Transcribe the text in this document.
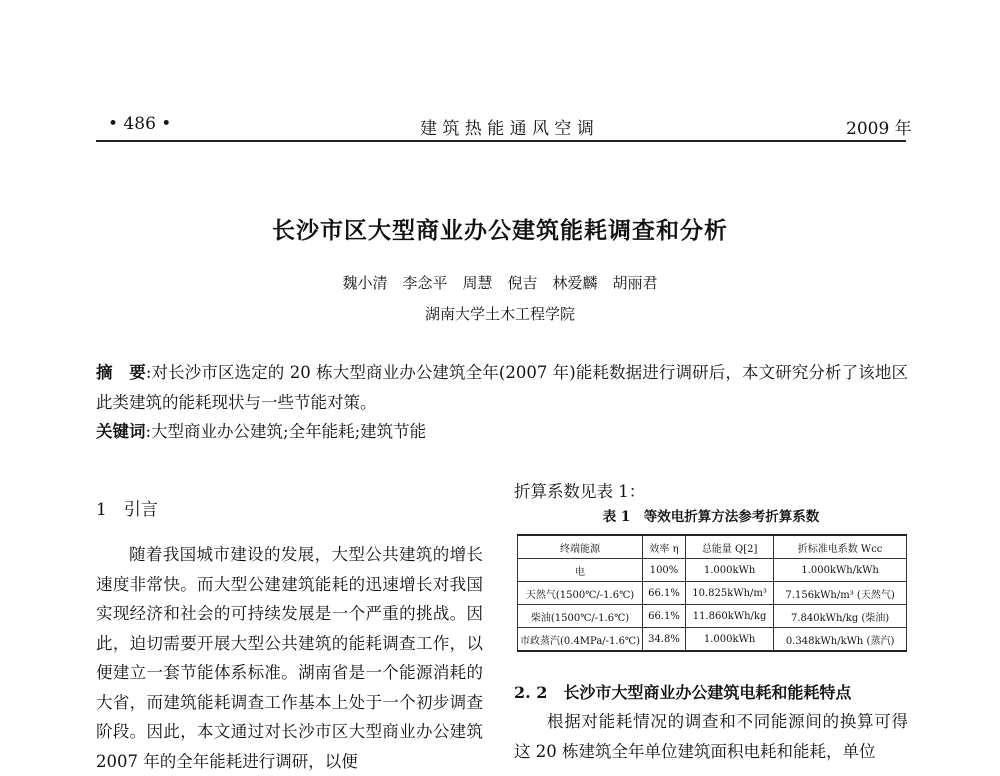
• 486 •	建 筑 热 能 通 风 空 调	2009 年
长沙市区大型商业办公建筑能耗调查和分析
魏小清　李念平　周慧　倪吉　林爱麟　胡丽君
湖南大学土木工程学院
摘　要:对长沙市区选定的 20 栋大型商业办公建筑全年(2007 年)能耗数据进行调研后，本文研究分析了该地区此类建筑的能耗现状与一些节能对策。
关键词:大型商业办公建筑;全年能耗;建筑节能
1　引言

随着我国城市建设的发展，大型公共建筑的增长速度非常快。而大型公建建筑能耗的迅速增长对我国实现经济和社会的可持续发展是一个严重的挑战。因此，迫切需要开展大型公共建筑的能耗调查工作，以便建立一套节能体系标准。湖南省是一个能源消耗的大省，而建筑能耗调查工作基本上处于一个初步调查阶段。因此，本文通过对长沙市区大型商业办公建筑 2007 年的全年能耗进行调研，以便

折算系数见表 1：
表 1　等效电折算方法参考折算系数
终端能源	效率 η	总能量 Q[2]	折标准电系数 Wcc
电	100%	1.000kWh	1.000kWh/kWh
天然气(1500℃/-1.6℃)	66.1%	10.825kWh/m³	7.156kWh/m³ (天然气)
柴油(1500℃/-1.6℃)	66.1%	11.860kWh/kg	7.840kWh/kg (柴油)
市政蒸汽(0.4MPa/-1.6℃)	34.8%	1.000kWh	0.348kWh/kWh (蒸汽)
2. 2　长沙市大型商业办公建筑电耗和能耗特点

根据对能耗情况的调查和不同能源间的换算可得这 20 栋建筑全年单位建筑面积电耗和能耗，单位
